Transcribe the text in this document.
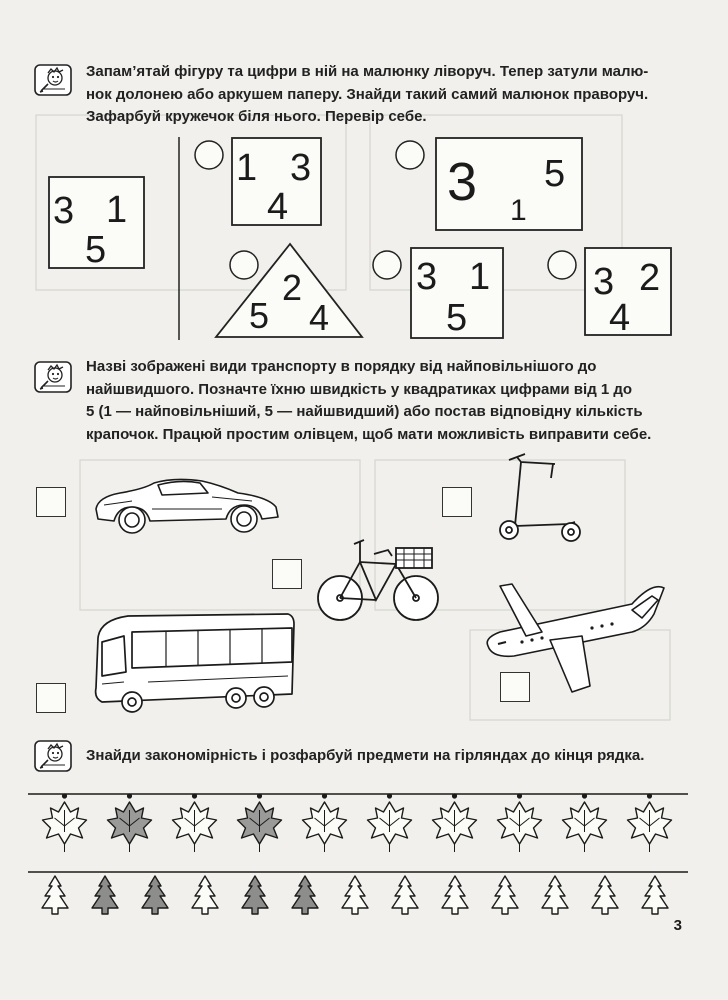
Запам’ятай фігуру та цифри в ній на малюнку ліворуч. Тепер затули малю-
нок долонею або аркушем паперу. Знайди такий самий малюнок праворуч.
Зафарбуй кружечок біля нього. Перевір себе.

3 1
5
1 3
4	3 5
1
2
5 4
3 1
5
3 2
4

Назві зображені види транспорту в порядку від найповільнішого до
найшвидшого. Позначте їхню швидкість у квадратиках цифрами від 1 до
5 (1 — найповільніший, 5 — найшвидший) або постав відповідну кількість
крапочок. Працюй простим олівцем, щоб мати можливість виправити себе.

Знайди закономірність і розфарбуй предмети на гірляндах до кінця рядка.

3
